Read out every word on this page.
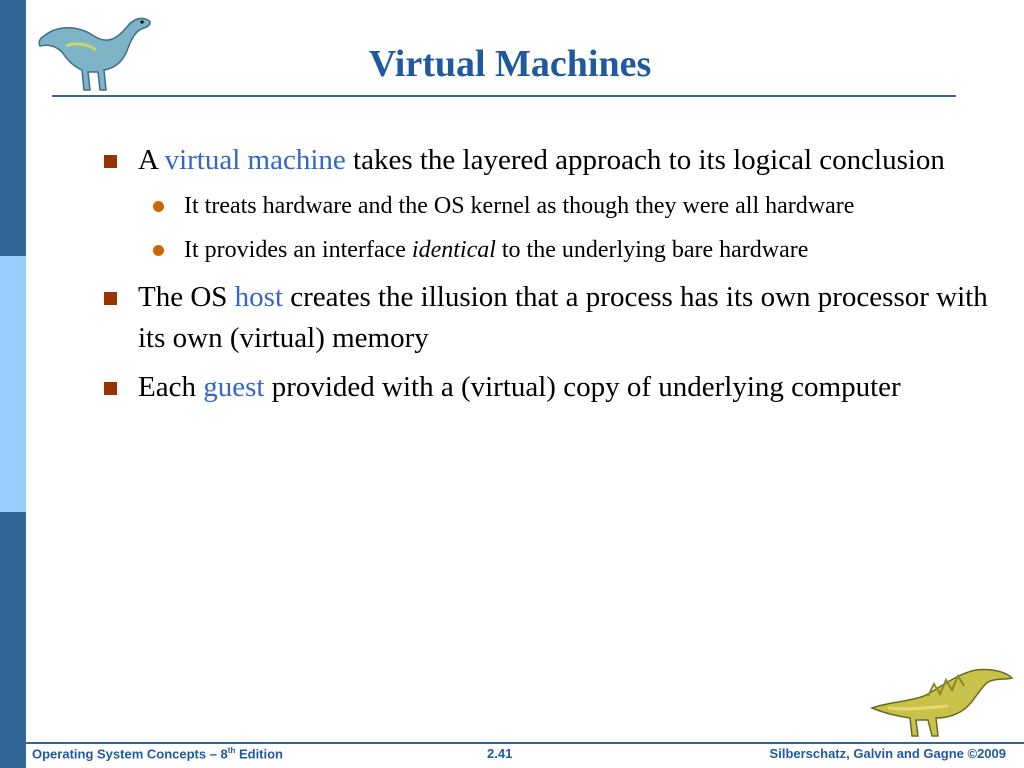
Virtual Machines
A virtual machine takes the layered approach to its logical conclusion
It treats hardware and the OS kernel as though they were all hardware
It provides an interface identical to the underlying bare hardware
The OS host creates the illusion that a process has its own processor with its own (virtual) memory
Each guest provided with a (virtual) copy of underlying computer
Operating System Concepts – 8th Edition	2.41	Silberschatz, Galvin and Gagne ©2009
